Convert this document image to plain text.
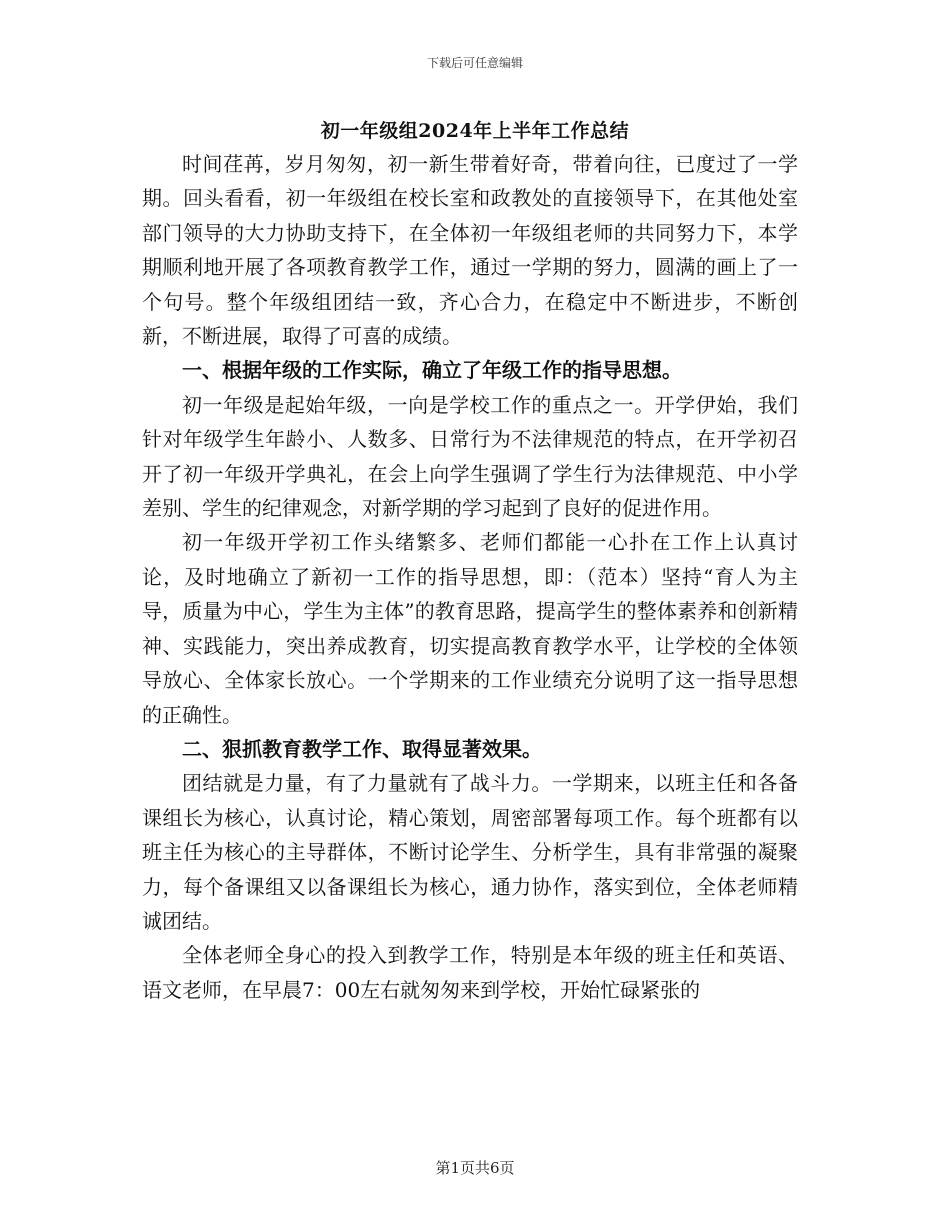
下载后可任意编辑
初一年级组2024年上半年工作总结

时间荏苒，岁月匆匆，初一新生带着好奇，带着向往，已度过了一学期。回头看看，初一年级组在校长室和政教处的直接领导下，在其他处室部门领导的大力协助支持下，在全体初一年级组老师的共同努力下，本学期顺利地开展了各项教育教学工作，通过一学期的努力，圆满的画上了一个句号。整个年级组团结一致，齐心合力，在稳定中不断进步，不断创新，不断进展，取得了可喜的成绩。

一、根据年级的工作实际，确立了年级工作的指导思想。

初一年级是起始年级，一向是学校工作的重点之一。开学伊始，我们针对年级学生年龄小、人数多、日常行为不法律规范的特点，在开学初召开了初一年级开学典礼，在会上向学生强调了学生行为法律规范、中小学差别、学生的纪律观念，对新学期的学习起到了良好的促进作用。

初一年级开学初工作头绪繁多、老师们都能一心扑在工作上认真讨论，及时地确立了新初一工作的指导思想，即：（范本）坚持“育人为主导，质量为中心，学生为主体”的教育思路，提高学生的整体素养和创新精神、实践能力，突出养成教育，切实提高教育教学水平，让学校的全体领导放心、全体家长放心。一个学期来的工作业绩充分说明了这一指导思想的正确性。

二、狠抓教育教学工作、取得显著效果。

团结就是力量，有了力量就有了战斗力。一学期来，以班主任和各备课组长为核心，认真讨论，精心策划，周密部署每项工作。每个班都有以班主任为核心的主导群体，不断讨论学生、分析学生，具有非常强的凝聚力，每个备课组又以备课组长为核心，通力协作，落实到位，全体老师精诚团结。

全体老师全身心的投入到教学工作，特别是本年级的班主任和英语、语文老师，在早晨7：00左右就匆匆来到学校，开始忙碌紧张的

第1页共6页
